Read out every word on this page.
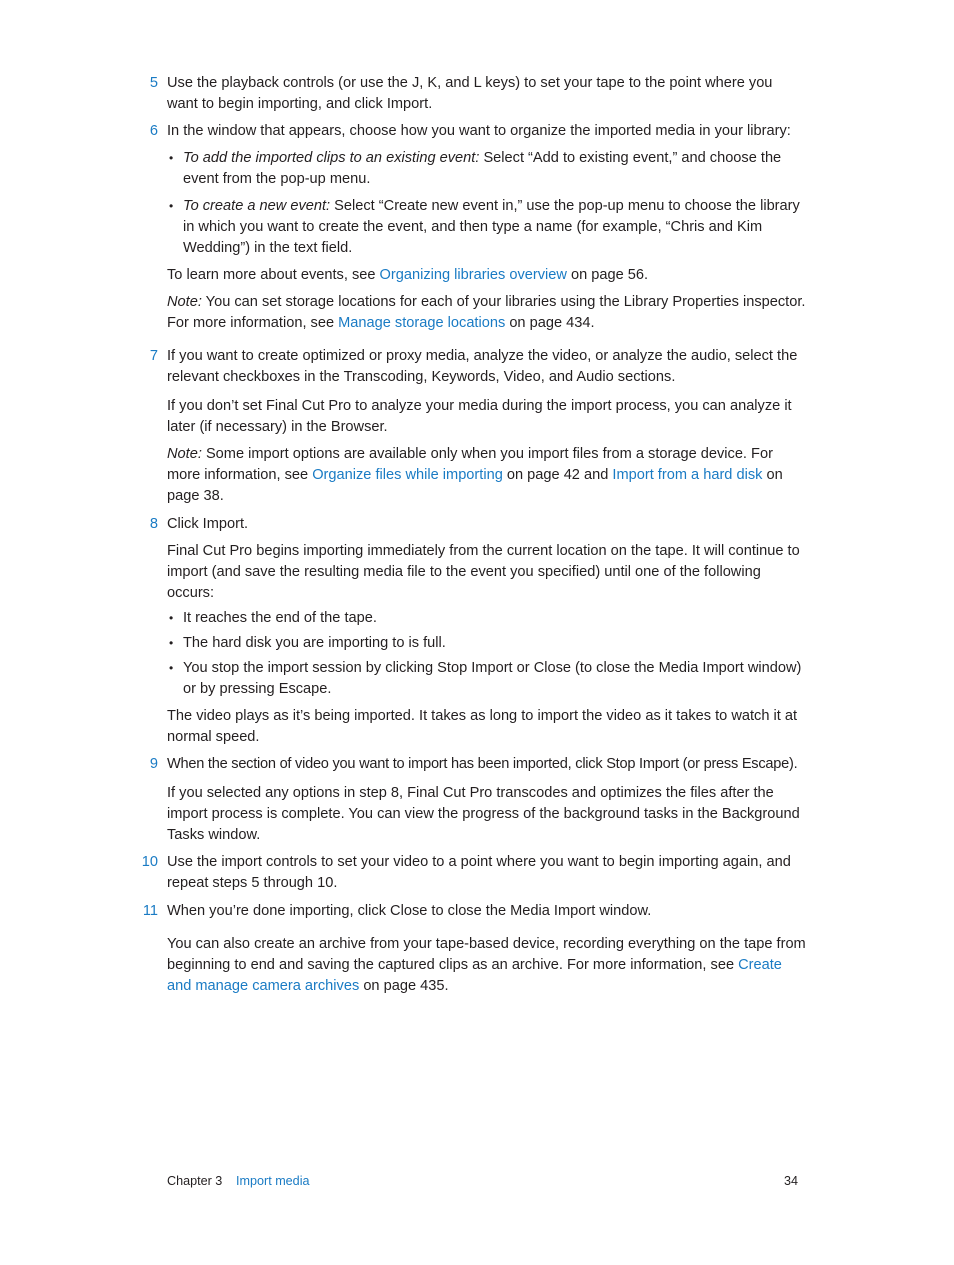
5 Use the playback controls (or use the J, K, and L keys) to set your tape to the point where you want to begin importing, and click Import.

6 In the window that appears, choose how you want to organize the imported media in your library:

• To add the imported clips to an existing event: Select “Add to existing event,” and choose the event from the pop-up menu.
• To create a new event: Select “Create new event in,” use the pop-up menu to choose the library in which you want to create the event, and then type a name (for example, “Chris and Kim Wedding”) in the text field.

To learn more about events, see Organizing libraries overview on page 56.

Note: You can set storage locations for each of your libraries using the Library Properties inspector. For more information, see Manage storage locations on page 434.

7 If you want to create optimized or proxy media, analyze the video, or analyze the audio, select the relevant checkboxes in the Transcoding, Keywords, Video, and Audio sections.

If you don’t set Final Cut Pro to analyze your media during the import process, you can analyze it later (if necessary) in the Browser.

Note: Some import options are available only when you import files from a storage device. For more information, see Organize files while importing on page 42 and Import from a hard disk on page 38.

8 Click Import.

Final Cut Pro begins importing immediately from the current location on the tape. It will continue to import (and save the resulting media file to the event you specified) until one of the following occurs:

• It reaches the end of the tape.
• The hard disk you are importing to is full.
• You stop the import session by clicking Stop Import or Close (to close the Media Import window) or by pressing Escape.

The video plays as it’s being imported. It takes as long to import the video as it takes to watch it at normal speed.

9 When the section of video you want to import has been imported, click Stop Import (or press Escape).

If you selected any options in step 8, Final Cut Pro transcodes and optimizes the files after the import process is complete. You can view the progress of the background tasks in the Background Tasks window.

10 Use the import controls to set your video to a point where you want to begin importing again, and repeat steps 5 through 10.

11 When you’re done importing, click Close to close the Media Import window.

You can also create an archive from your tape-based device, recording everything on the tape from beginning to end and saving the captured clips as an archive. For more information, see Create and manage camera archives on page 435.

Chapter 3 Import media	34
